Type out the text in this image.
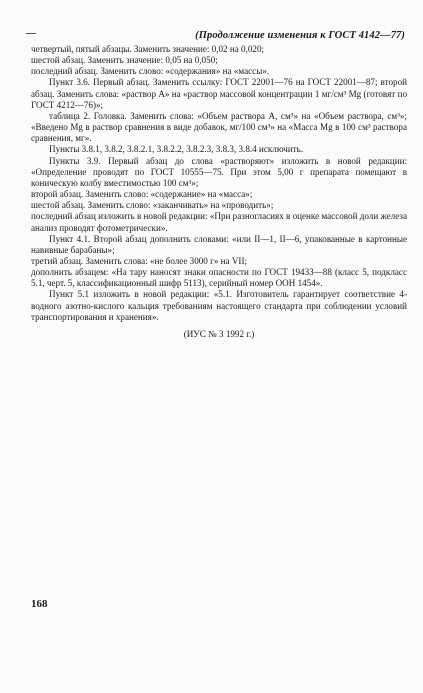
(Продолжение изменения к ГОСТ 4142—77)

четвертый, пятый абзацы. Заменить значение: 0,02 на 0,020;

шестой абзац. Заменить значение: 0,05 на 0,050;

последний абзац. Заменить слово: «содержания» на «массы».

Пункт 3.6. Первый абзац. Заменить ссылку: ГОСТ 22001—76 на ГОСТ 22001—87; второй абзац. Заменить слова: «раствор А» на «раствор массовой концентрации 1 мг/см³ Mg (готовят по ГОСТ 4212—76)»;

таблица 2. Головка. Заменить слова: «Объем раствора А, см³» на «Объем раствора, см³»; «Введено Mg в раствор сравнения в виде добавок, мг/100 см³» на «Масса Mg в 100 см³ раствора сравнения, мг».

Пункты 3.8.1, 3.8.2, 3.8.2.1, 3.8.2.2, 3.8.2.3, 3.8.3, 3.8.4 исключить.

Пункты 3.9. Первый абзац до слова «растворяют» изложить в новой редакции: «Определение проводят по ГОСТ 10555—75. При этом 5,00 г препарата помещают в коническую колбу вместимостью 100 см³»;

второй абзац. Заменить слово: «содержание» на «масса»;

шестой абзац. Заменить слово: «заканчивать» на «проводить»;

последний абзац изложить в новой редакции: «При разногласиях в оценке массовой доли железа анализ проводят фотометрически».

Пункт 4.1. Второй абзац дополнить словами: «или II—1, II—6, упакованные в картонные навивные барабаны»;

третий абзац. Заменить слова: «не более 3000 г» на VII;

дополнить абзацем: «На тару наносят знаки опасности по ГОСТ 19433—88 (класс 5, подкласс 5.1, черт. 5, классификационный шифр 5113), серийный номер ООН 1454».

Пункт 5.1 изложить в новой редакции: «5.1. Изготовитель гарантирует соответствие 4-водного азотно-кислого кальция требованиям настоящего стандарта при соблюдении условий транспортирования и хранения».

(ИУС № 3 1992 г.)

168
